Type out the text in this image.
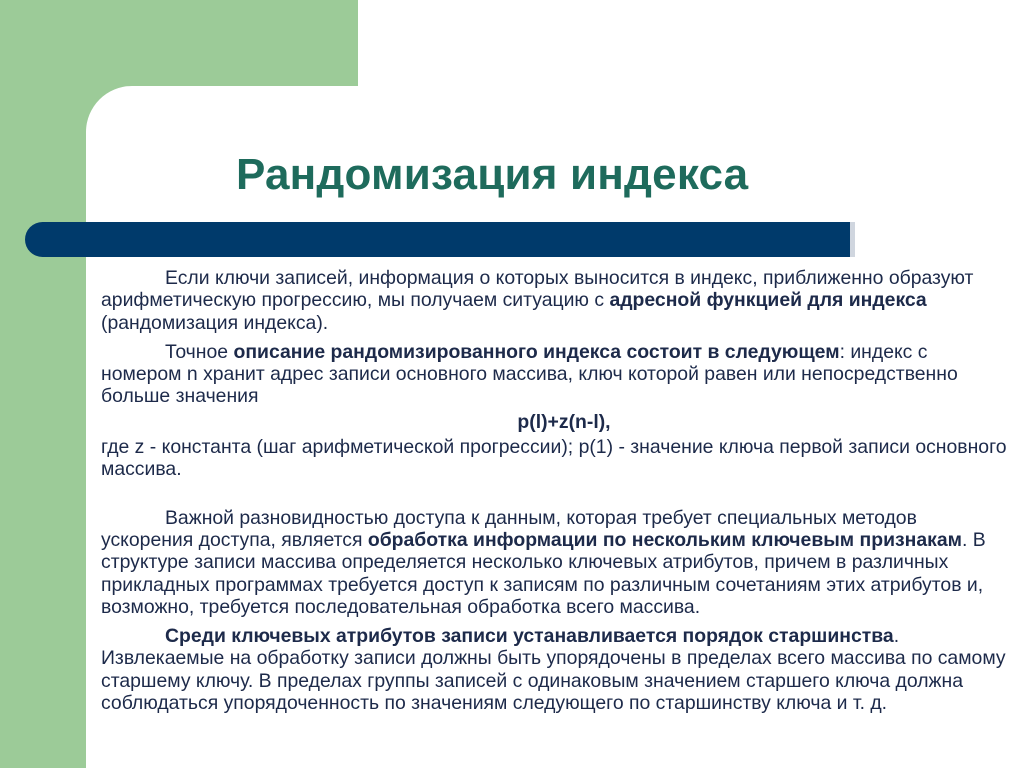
Рандомизация индекса

Если ключи записей, информация о которых выносится в индекс, приближенно образуют арифметическую прогрессию, мы получаем ситуацию с адресной функцией для индекса (рандомизация индекса).

Точное описание рандомизированного индекса состоит в следующем: индекс с номером n хранит адрес записи основного массива, ключ которой равен или непосредственно больше значения

p(l)+z(n-l),

где z - константа (шаг арифметической прогрессии); р(1) - значение ключа первой записи основного массива.

Важной разновидностью доступа к данным, которая требует специальных методов ускорения доступа, является обработка информации по нескольким ключевым признакам. В структуре записи массива определяется несколько ключевых атрибутов, причем в различных прикладных программах требуется доступ к записям по различным сочетаниям этих атрибутов и, возможно, требуется последовательная обработка всего массива.

Среди ключевых атрибутов записи устанавливается порядок старшинства. Извлекаемые на обработку записи должны быть упорядочены в пределах всего массива по самому старшему ключу. В пределах группы записей с одинаковым значением старшего ключа должна соблюдаться упорядоченность по значениям следующего по старшинству ключа и т. д.
